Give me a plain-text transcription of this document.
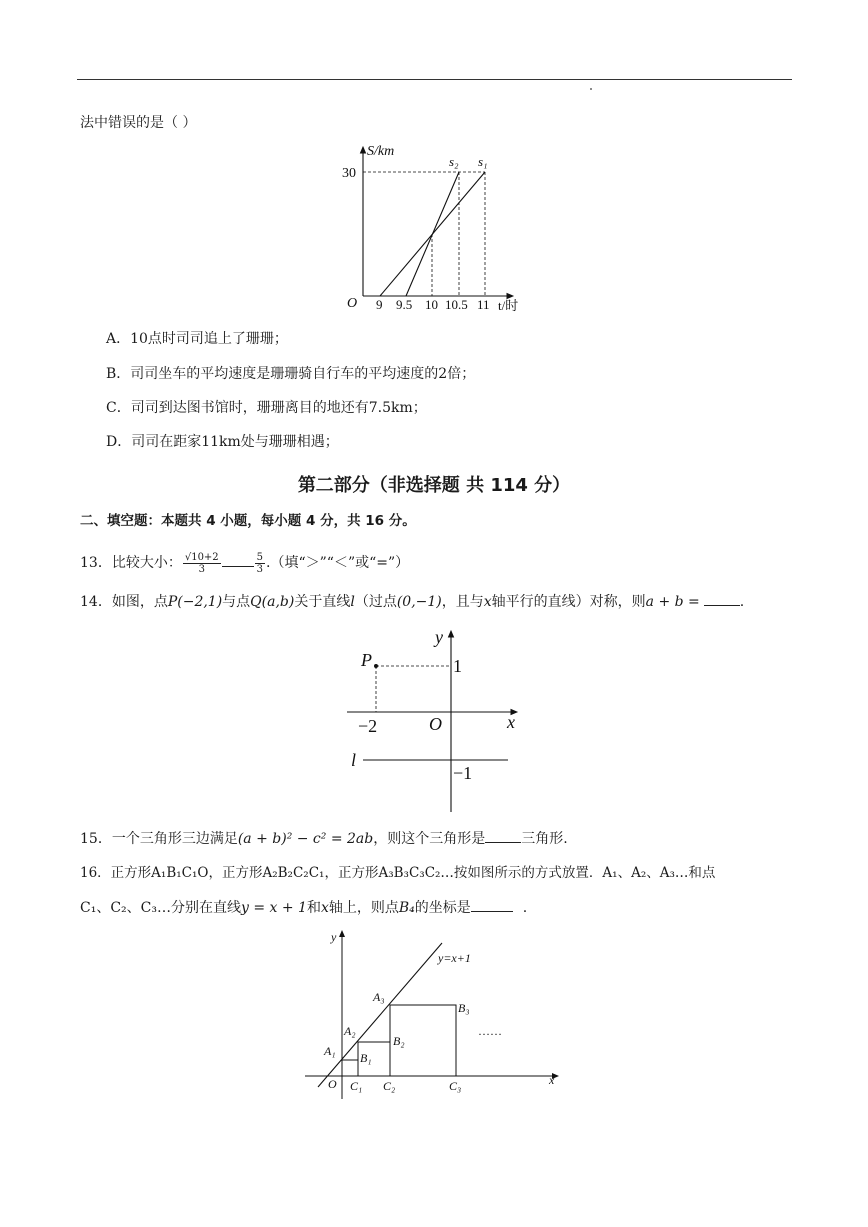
法中错误的是（ ）
S/km
30
O 9 9.5 10 10.5 11 t/时
s₂ s₁
A．10点时司司追上了珊珊；
B．司司坐车的平均速度是珊珊骑自行车的平均速度的2倍；
C．司司到达图书馆时，珊珊离目的地还有7.5km；
D．司司在距家11km处与珊珊相遇；
第二部分（非选择题 共 114 分）
二、填空题：本题共 4 小题，每小题 4 分，共 16 分。
13．比较大小： $\frac{√10+2}{3}$	$\frac{5}{3}$ .（填“＞”“＜”或“=”）
14．如图，点P(−2,1)与点Q(a,b)关于直线l（过点(0,−1)，且与x轴平行的直线）对称，则a + b =	.
P
y
1
x
O
−2
l
−1
15．一个三角形三边满足(a + b)² − c² = 2ab，则这个三角形是	三角形.
16．正方形A₁B₁C₁O，正方形A₂B₂C₂C₁，正方形A₃B₃C₃C₂…按如图所示的方式放置．A₁、A₂、A₃…和点
C₁、C₂、C₃…分别在直线y = x + 1和x轴上，则点B₄的坐标是	.
y
x
O
y=x+1
A₁
A₂
A₃
B₁
B₂
B₃
C₁ C₂	C₃
……
